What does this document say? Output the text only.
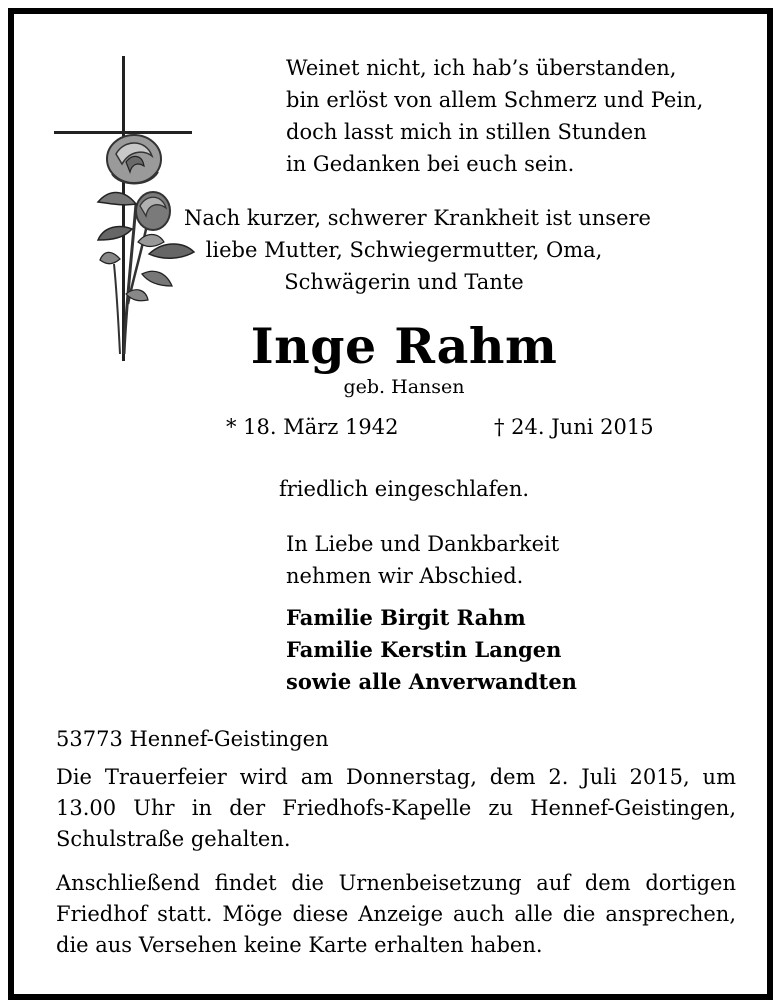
Weinet nicht, ich hab’s überstanden,
bin erlöst von allem Schmerz und Pein,
doch lasst mich in stillen Stunden
in Gedanken bei euch sein.
Nach kurzer, schwerer Krankheit ist unsere
liebe Mutter, Schwiegermutter, Oma,
Schwägerin und Tante
Inge Rahm
geb. Hansen
* 18. März 1942	† 24. Juni 2015
friedlich eingeschlafen.
In Liebe und Dankbarkeit
nehmen wir Abschied.
Familie Birgit Rahm
Familie Kerstin Langen
sowie alle Anverwandten
53773 Hennef-Geistingen
Die Trauerfeier wird am Donnerstag, dem 2. Juli 2015, um
13.00 Uhr in der Friedhofs-Kapelle zu Hennef-Geistingen,
Schulstraße gehalten.
Anschließend findet die Urnenbeisetzung auf dem dortigen
Friedhof statt. Möge diese Anzeige auch alle die ansprechen,
die aus Versehen keine Karte erhalten haben.
